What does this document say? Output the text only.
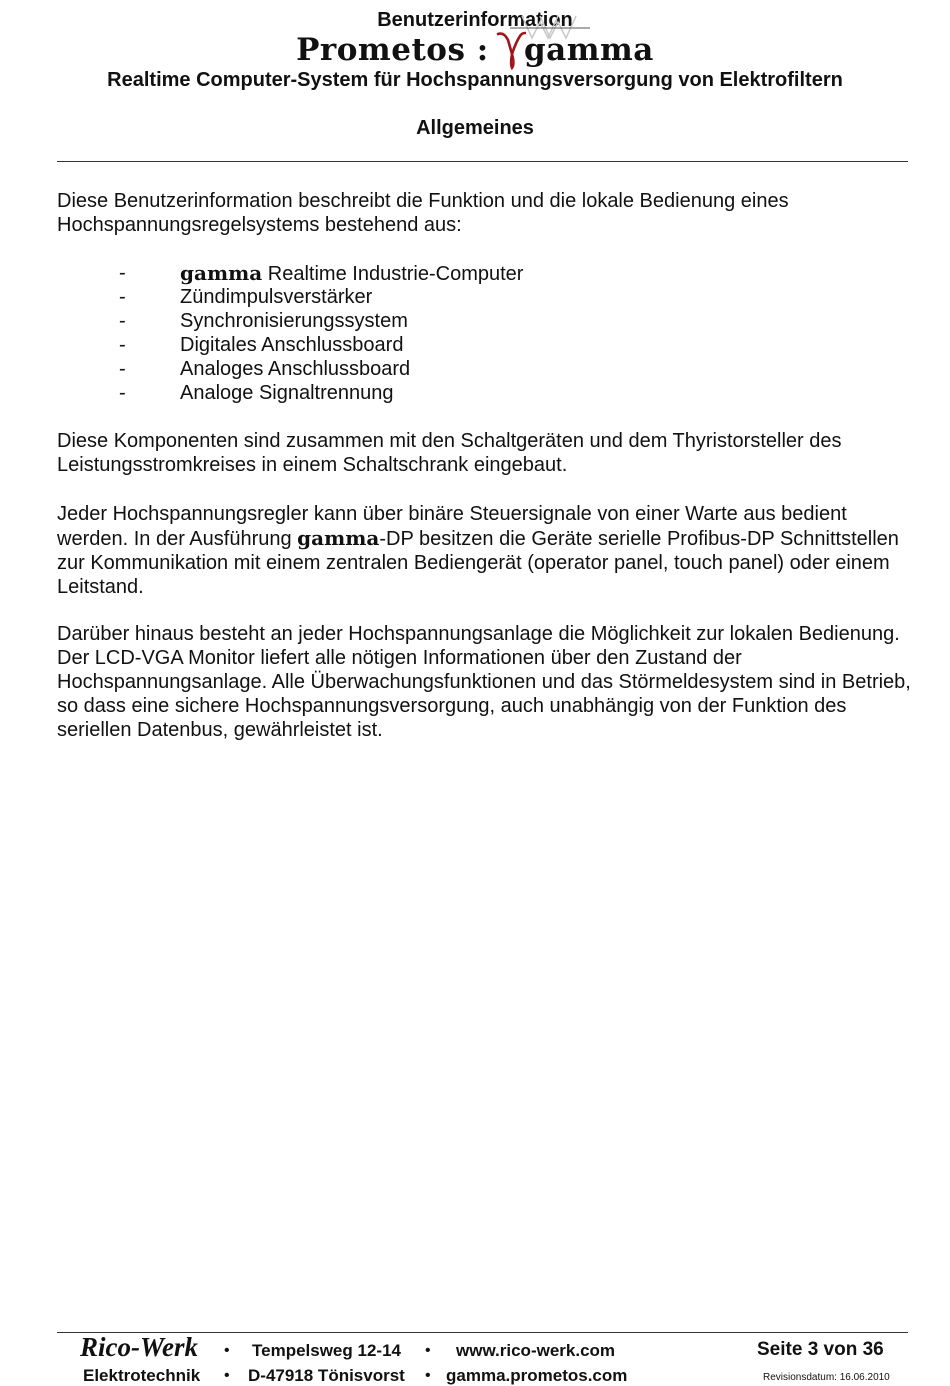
Benutzerinformation
Prometos : gamma
Realtime Computer-System für Hochspannungsversorgung von Elektrofiltern
Allgemeines

Diese Benutzerinformation beschreibt die Funktion und die lokale Bedienung eines Hochspannungsregelsystems bestehend aus:

-	gamma Realtime Industrie-Computer
-	Zündimpulsverstärker
-	Synchronisierungssystem
-	Digitales Anschlussboard
-	Analoges Anschlussboard
-	Analoge Signaltrennung

Diese Komponenten sind zusammen mit den Schaltgeräten und dem Thyristorsteller des Leistungsstromkreises in einem Schaltschrank eingebaut.

Jeder Hochspannungsregler kann über binäre Steuersignale von einer Warte aus bedient werden. In der Ausführung gamma-DP besitzen die Geräte serielle Profibus-DP Schnittstellen zur Kommunikation mit einem zentralen Bediengerät (operator panel, touch panel) oder einem Leitstand.

Darüber hinaus besteht an jeder Hochspannungsanlage die Möglichkeit zur lokalen Bedienung. Der LCD-VGA Monitor liefert alle nötigen Informationen über den Zustand der Hochspannungsanlage. Alle Überwachungsfunktionen und das Störmeldesystem sind in Betrieb, so dass eine sichere Hochspannungsversorgung, auch unabhängig von der Funktion des seriellen Datenbus, gewährleistet ist.

Rico-Werk
Elektrotechnik
•
•
Tempelsweg 12-14
D-47918 Tönisvorst
•
•
www.rico-werk.com
gamma.prometos.com
Seite 3 von 36
Revisionsdatum: 16.06.2010
